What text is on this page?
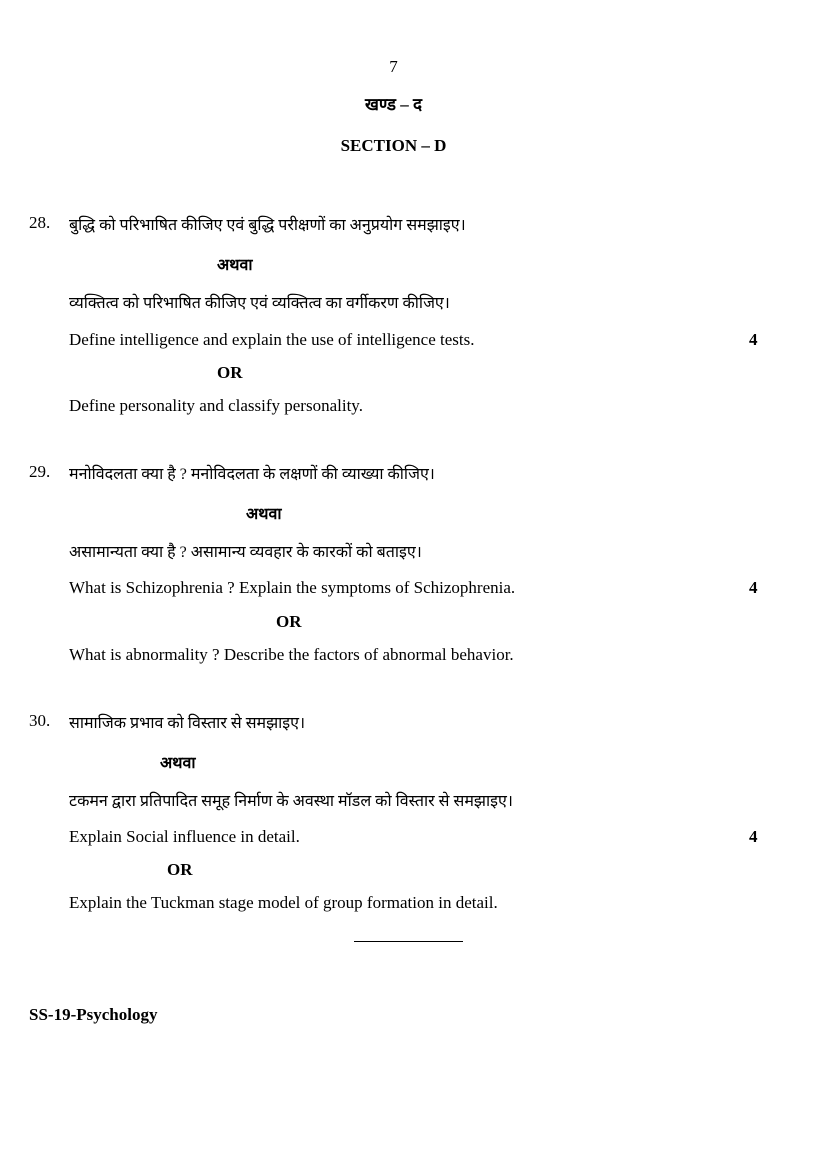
7
खण्ड – द
SECTION – D
28. बुद्धि को परिभाषित कीजिए एवं बुद्धि परीक्षणों का अनुप्रयोग समझाइए।
अथवा
व्यक्तित्व को परिभाषित कीजिए एवं व्यक्तित्व का वर्गीकरण कीजिए।
Define intelligence and explain the use of intelligence tests.	4
OR
Define personality and classify personality.
29. मनोविदलता क्या है ? मनोविदलता के लक्षणों की व्याख्या कीजिए।
अथवा
असामान्यता क्या है ? असामान्य व्यवहार के कारकों को बताइए।
What is Schizophrenia ? Explain the symptoms of Schizophrenia.	4
OR
What is abnormality ? Describe the factors of abnormal behavior.
30. सामाजिक प्रभाव को विस्तार से समझाइए।
अथवा
टकमन द्वारा प्रतिपादित समूह निर्माण के अवस्था मॉडल को विस्तार से समझाइए।
Explain Social influence in detail.	4
OR
Explain the Tuckman stage model of group formation in detail.
SS-19-Psychology
